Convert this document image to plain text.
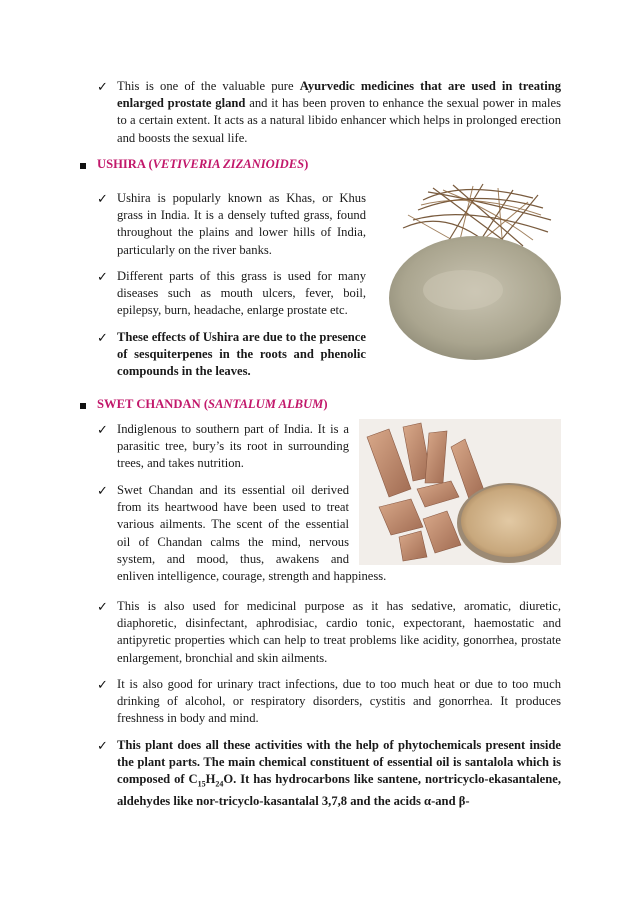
✓ This is one of the valuable pure Ayurvedic medicines that are used in treating enlarged prostate gland and it has been proven to enhance the sexual power in males to a certain extent. It acts as a natural libido enhancer which helps in prolonged erection and boosts the sexual life.
USHIRA (VETIVERIA ZIZANIOIDES)
✓ Ushira is popularly known as Khas, or Khus grass in India. It is a densely tufted grass, found throughout the plains and lower hills of India, particularly on the river banks.
✓ Different parts of this grass is used for many diseases such as mouth ulcers, fever, boil, epilepsy, burn, headache, enlarge prostate etc.
✓ These effects of Ushira are due to the presence of sesquiterpenes in the roots and phenolic compounds in the leaves.
SWET CHANDAN (SANTALUM ALBUM)
✓ Indiglenous to southern part of India. It is a parasitic tree, bury’s its root in surrounding trees, and takes nutrition.
✓ Swet Chandan and its essential oil derived from its heartwood have been used to treat various ailments. The scent of the essential oil of Chandan calms the mind, nervous system, and mood, thus, awakens and
enliven intelligence, courage, strength and happiness.
✓ This is also used for medicinal purpose as it has sedative, aromatic, diuretic, diaphoretic, disinfectant, aphrodisiac, cardio tonic, expectorant, haemostatic and antipyretic properties which can help to treat problems like acidity, gonorrhea, prostate enlargement, bronchial and skin ailments.
✓ It is also good for urinary tract infections, due to too much heat or due to too much drinking of alcohol, or respiratory disorders, cystitis and gonorrhea. It produces freshness in body and mind.
✓ This plant does all these activities with the help of phytochemicals present inside the plant parts. The main chemical constituent of essential oil is santalola which is composed of $C_{15}H_{24}O$. It has hydrocarbons like santene, nortricyclo-ekasantalene, aldehydes like nor-tricyclo-kasantalal 3,7,8 and the acids α-and β-
